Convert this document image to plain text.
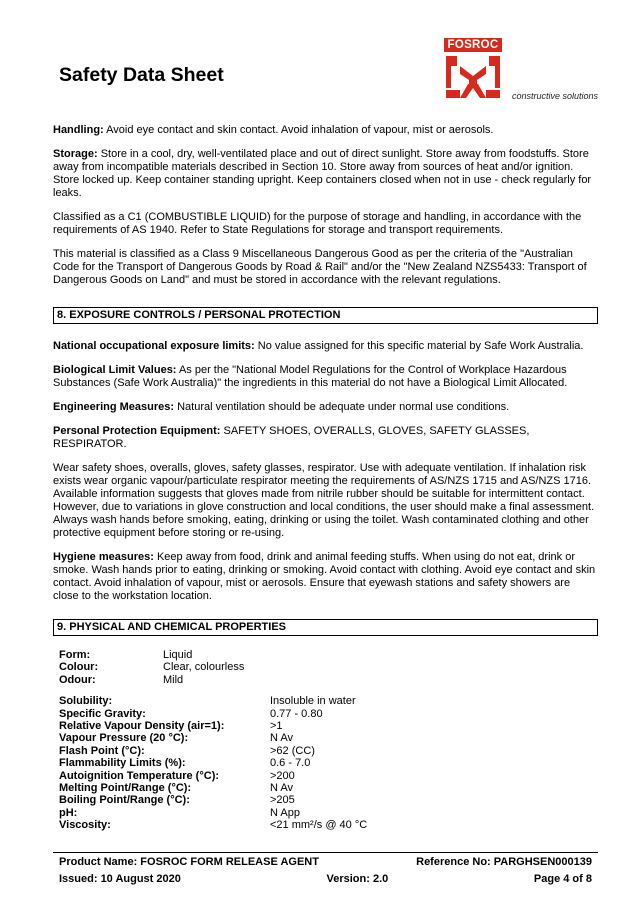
Safety Data Sheet
FOSROC
constructive solutions

Handling: Avoid eye contact and skin contact. Avoid inhalation of vapour, mist or aerosols.

Storage: Store in a cool, dry, well-ventilated place and out of direct sunlight. Store away from foodstuffs. Store away from incompatible materials described in Section 10. Store away from sources of heat and/or ignition. Store locked up. Keep container standing upright. Keep containers closed when not in use - check regularly for leaks.

Classified as a C1 (COMBUSTIBLE LIQUID) for the purpose of storage and handling, in accordance with the requirements of AS 1940. Refer to State Regulations for storage and transport requirements.

This material is classified as a Class 9 Miscellaneous Dangerous Good as per the criteria of the "Australian Code for the Transport of Dangerous Goods by Road & Rail" and/or the "New Zealand NZS5433: Transport of Dangerous Goods on Land" and must be stored in accordance with the relevant regulations.

8. EXPOSURE CONTROLS / PERSONAL PROTECTION

National occupational exposure limits: No value assigned for this specific material by Safe Work Australia.

Biological Limit Values: As per the "National Model Regulations for the Control of Workplace Hazardous Substances (Safe Work Australia)" the ingredients in this material do not have a Biological Limit Allocated.

Engineering Measures: Natural ventilation should be adequate under normal use conditions.

Personal Protection Equipment: SAFETY SHOES, OVERALLS, GLOVES, SAFETY GLASSES, RESPIRATOR.

Wear safety shoes, overalls, gloves, safety glasses, respirator. Use with adequate ventilation. If inhalation risk exists wear organic vapour/particulate respirator meeting the requirements of AS/NZS 1715 and AS/NZS 1716. Available information suggests that gloves made from nitrile rubber should be suitable for intermittent contact. However, due to variations in glove construction and local conditions, the user should make a final assessment. Always wash hands before smoking, eating, drinking or using the toilet. Wash contaminated clothing and other protective equipment before storing or re-using.

Hygiene measures: Keep away from food, drink and animal feeding stuffs. When using do not eat, drink or smoke. Wash hands prior to eating, drinking or smoking. Avoid contact with clothing. Avoid eye contact and skin contact. Avoid inhalation of vapour, mist or aerosols. Ensure that eyewash stations and safety showers are close to the workstation location.

9. PHYSICAL AND CHEMICAL PROPERTIES
Form:	Liquid
Colour:	Clear, colourless
Odour:	Mild
Solubility:	Insoluble in water
Specific Gravity:	0.77 - 0.80
Relative Vapour Density (air=1):	>1
Vapour Pressure (20 °C):	N Av
Flash Point (°C):	>62 (CC)
Flammability Limits (%):	0.6 - 7.0
Autoignition Temperature (°C):	>200
Melting Point/Range (°C):	N Av
Boiling Point/Range (°C):	>205
pH:	N App
Viscosity:	<21 mm²/s @ 40 °C
Product Name: FOSROC FORM RELEASE AGENT	Reference No: PARGHSEN000139
Issued: 10 August 2020	Version: 2.0	Page 4 of 8
